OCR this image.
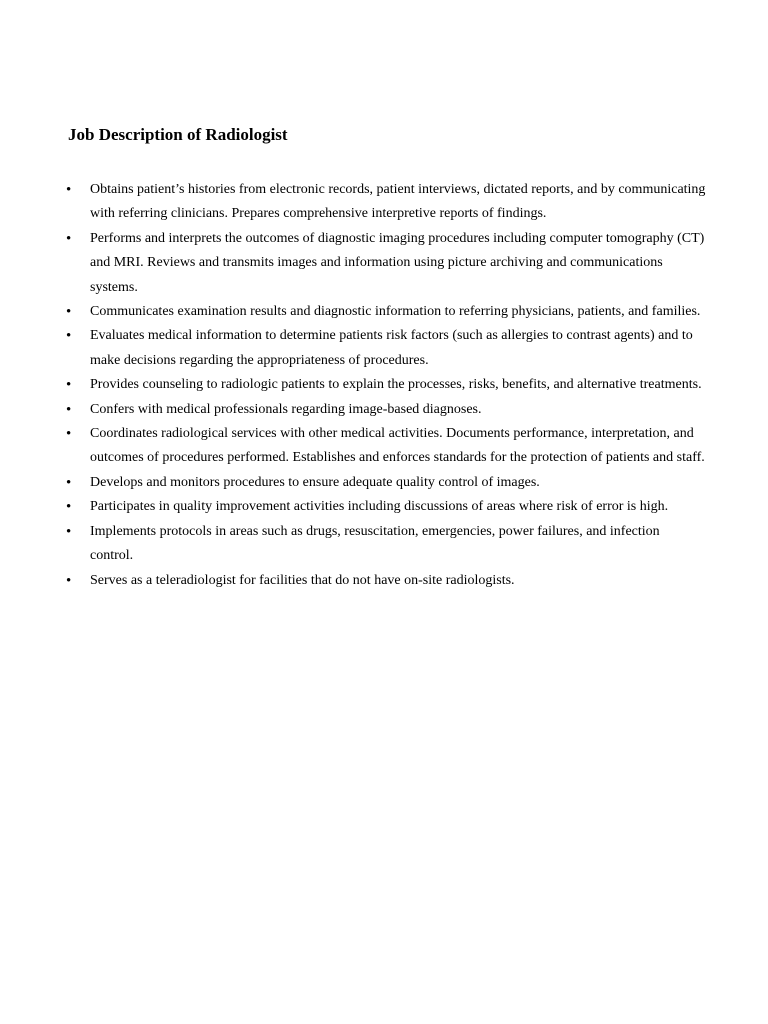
Job Description of Radiologist
• Obtains patient’s histories from electronic records, patient interviews, dictated reports, and by communicating with referring clinicians. Prepares comprehensive interpretive reports of findings.
• Performs and interprets the outcomes of diagnostic imaging procedures including computer tomography (CT) and MRI. Reviews and transmits images and information using picture archiving and communications systems.
• Communicates examination results and diagnostic information to referring physicians, patients, and families.
• Evaluates medical information to determine patients risk factors (such as allergies to contrast agents) and to make decisions regarding the appropriateness of procedures.
• Provides counseling to radiologic patients to explain the processes, risks, benefits, and alternative treatments.
• Confers with medical professionals regarding image-based diagnoses.
• Coordinates radiological services with other medical activities. Documents performance, interpretation, and outcomes of procedures performed. Establishes and enforces standards for the protection of patients and staff.
• Develops and monitors procedures to ensure adequate quality control of images.
• Participates in quality improvement activities including discussions of areas where risk of error is high.
• Implements protocols in areas such as drugs, resuscitation, emergencies, power failures, and infection control.
• Serves as a teleradiologist for facilities that do not have on-site radiologists.
